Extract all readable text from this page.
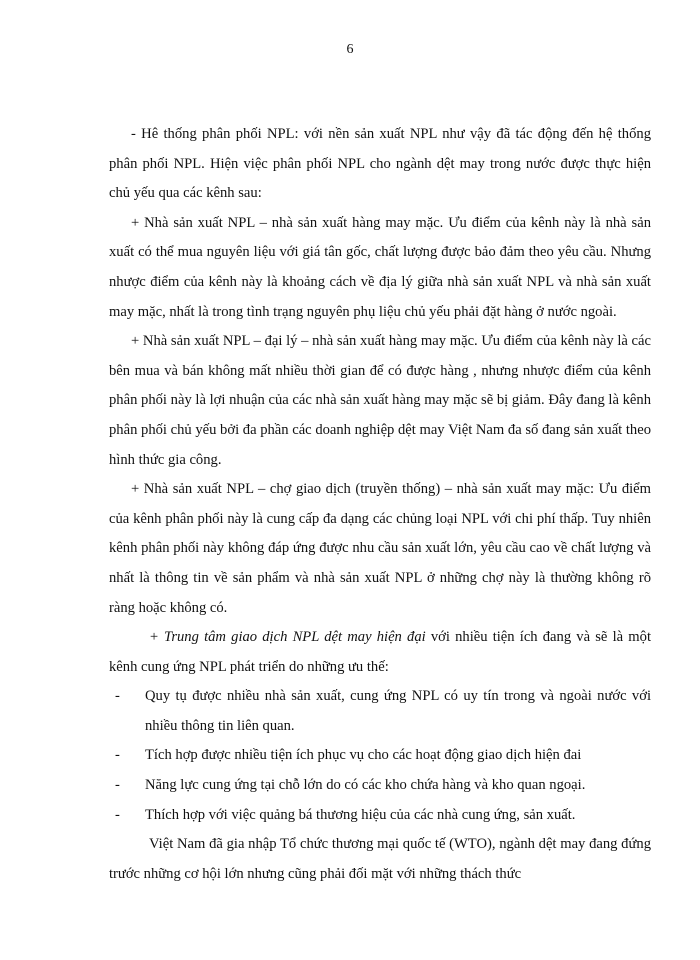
6

- Hê thống phân phối NPL: với nền sản xuất NPL như vậy đã tác động đến hệ thống phân phối NPL. Hiện việc phân phối NPL cho ngành dệt may trong nước được thực hiện chủ yếu qua các kênh sau:

+ Nhà sản xuất NPL – nhà sản xuất hàng may mặc. Ưu điểm của kênh này là nhà sản xuất có thể mua nguyên liệu với giá tân gốc, chất lượng được bảo đảm theo yêu cầu. Nhưng nhược điểm của kênh này là khoảng cách về địa lý giữa nhà sản xuất NPL và nhà sản xuất may mặc, nhất là trong tình trạng nguyên phụ liệu chủ yếu phải đặt hàng ở nước ngoài.

+ Nhà sản xuất NPL – đại lý – nhà sản xuất hàng may mặc. Ưu điểm của kênh này là các bên mua và bán không mất nhiều thời gian để có được hàng , nhưng nhược điểm của kênh phân phối này là lợi nhuận của các nhà sản xuất hàng may mặc sẽ bị giảm. Đây đang là kênh phân phối chủ yếu bởi đa phần các doanh nghiệp dệt may Việt Nam đa số đang sản xuất theo hình thức gia công.

+ Nhà sản xuất NPL – chợ giao dịch (truyền thống) – nhà sản xuất may mặc: Ưu điểm của kênh phân phối này là cung cấp đa dạng các chủng loại NPL với chi phí thấp. Tuy nhiên kênh phân phối này không đáp ứng được nhu cầu sản xuất lớn, yêu cầu cao về chất lượng và nhất là thông tin về sản phẩm và nhà sản xuất NPL ở những chợ này là thường không rõ ràng hoặc không có.

+ Trung tâm giao dịch NPL dệt may hiện đại với nhiều tiện ích đang và sẽ là một kênh cung ứng NPL phát triển do những ưu thế:

-	Quy tụ được nhiều nhà sản xuất, cung ứng NPL có uy tín trong và ngoài nước với nhiều thông tin liên quan.
-	Tích hợp được nhiều tiện ích phục vụ cho các hoạt động giao dịch hiện đai
-	Năng lực cung ứng tại chỗ lớn do có các kho chứa hàng và kho quan ngoại.
-	Thích hợp với việc quảng bá thương hiệu của các nhà cung ứng, sản xuất.

Việt Nam đã gia nhập Tổ chức thương mại quốc tế (WTO), ngành dệt may đang đứng trước những cơ hội lớn nhưng cũng phải đối mặt với những thách thức
